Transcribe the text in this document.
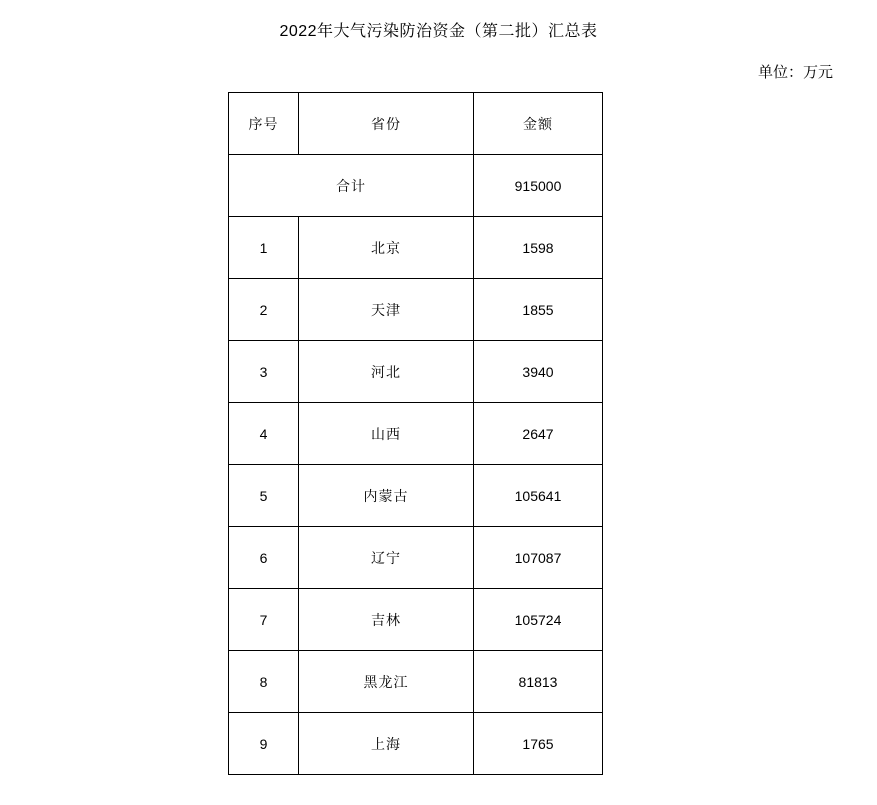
2022年大气污染防治资金（第二批）汇总表
单位：万元
序号	省份	金额
合计		915000
1	北京	1598
2	天津	1855
3	河北	3940
4	山西	2647
5	内蒙古	105641
6	辽宁	107087
7	吉林	105724
8	黑龙江	81813
9	上海	1765
